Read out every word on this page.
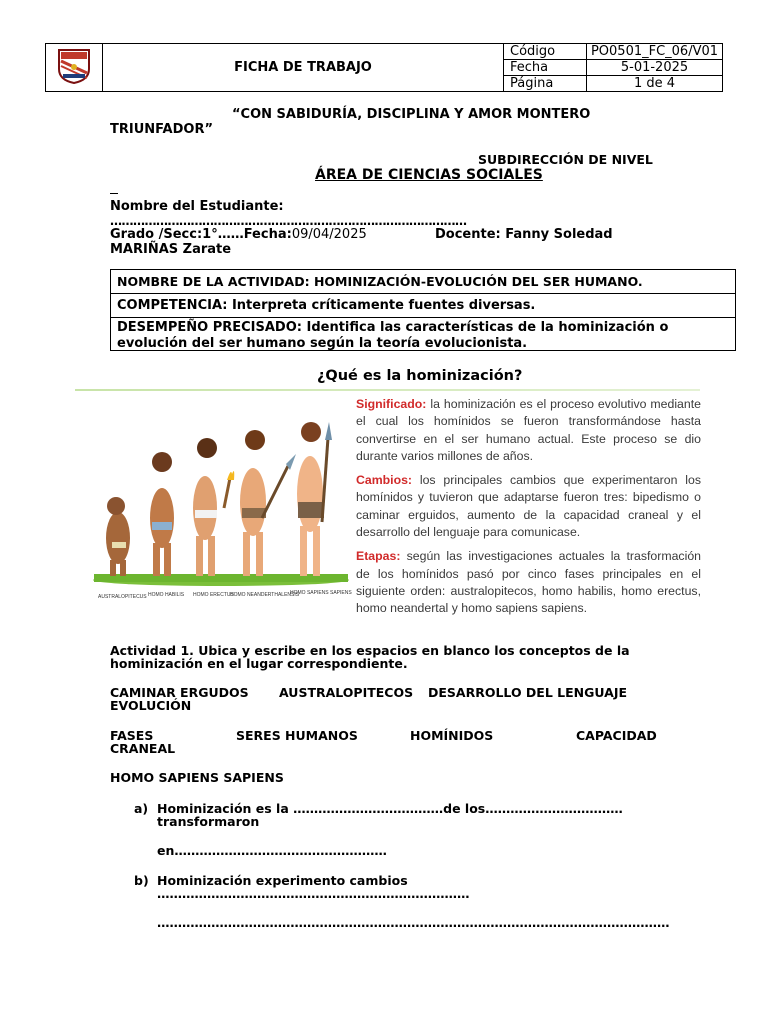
	FICHA DE TRABAJO	Código	PO0501_FC_06/V01
		Fecha	5-01-2025
		Página	1 de 4
“CON SABIDURÍA, DISCIPLINA Y AMOR MONTERO
TRIUNFADOR”
SUBDIRECCIÓN DE NIVEL
ÁREA DE CIENCIAS SOCIALES
Nombre del Estudiante:
…………………………………………………………………………………
Grado /Secc:1°……Fecha:09/04/2025	Docente: Fanny Soledad
MARIÑAS Zarate
NOMBRE DE LA ACTIVIDAD: HOMINIZACIÓN-EVOLUCIÓN DEL SER HUMANO.
COMPETENCIA: Interpreta críticamente fuentes diversas.
DESEMPEÑO PRECISADO: Identifica las características de la hominización o evolución del ser humano según la teoría evolucionista.
¿Qué es la hominización?
AUSTRALOPITECUS HOMO HABILIS HOMO ERECTUS
HOMO NEANDERTHALENSIS
HOMO SAPIENS SAPIENS

Significado: la hominización es el proceso evolutivo mediante el cual los homínidos se fueron transformándose hasta convertirse en el ser humano actual. Este proceso se dio durante varios millones de años.

Cambios: los principales cambios que experimentaron los homínidos y tuvieron que adaptarse fueron tres: bipedismo o caminar erguidos, aumento de la capacidad craneal y el desarrollo del lenguaje para comunicase.

Etapas: según las investigaciones actuales la trasformación de los homínidos pasó por cinco fases principales en el siguiente orden: australopitecos, homo habilis, homo erectus, homo neandertal y homo sapiens sapiens.

Actividad 1. Ubica y escribe en los espacios en blanco los conceptos de la
hominización en el lugar correspondiente.
CAMINAR ERGUDOS AUSTRALOPITECOS DESARROLLO DEL LENGUAJE
EVOLUCIÓN
FASES	SERES HUMANOS	HOMÍNIDOS	CAPACIDAD
CRANEAL
HOMO SAPIENS SAPIENS
a) Hominización es la ………………………………de los……………………………
transformaron
en……………………………………………
b) Hominización experimento cambios
…………………………………………………………………
……………………………………………………………………………………………………………
